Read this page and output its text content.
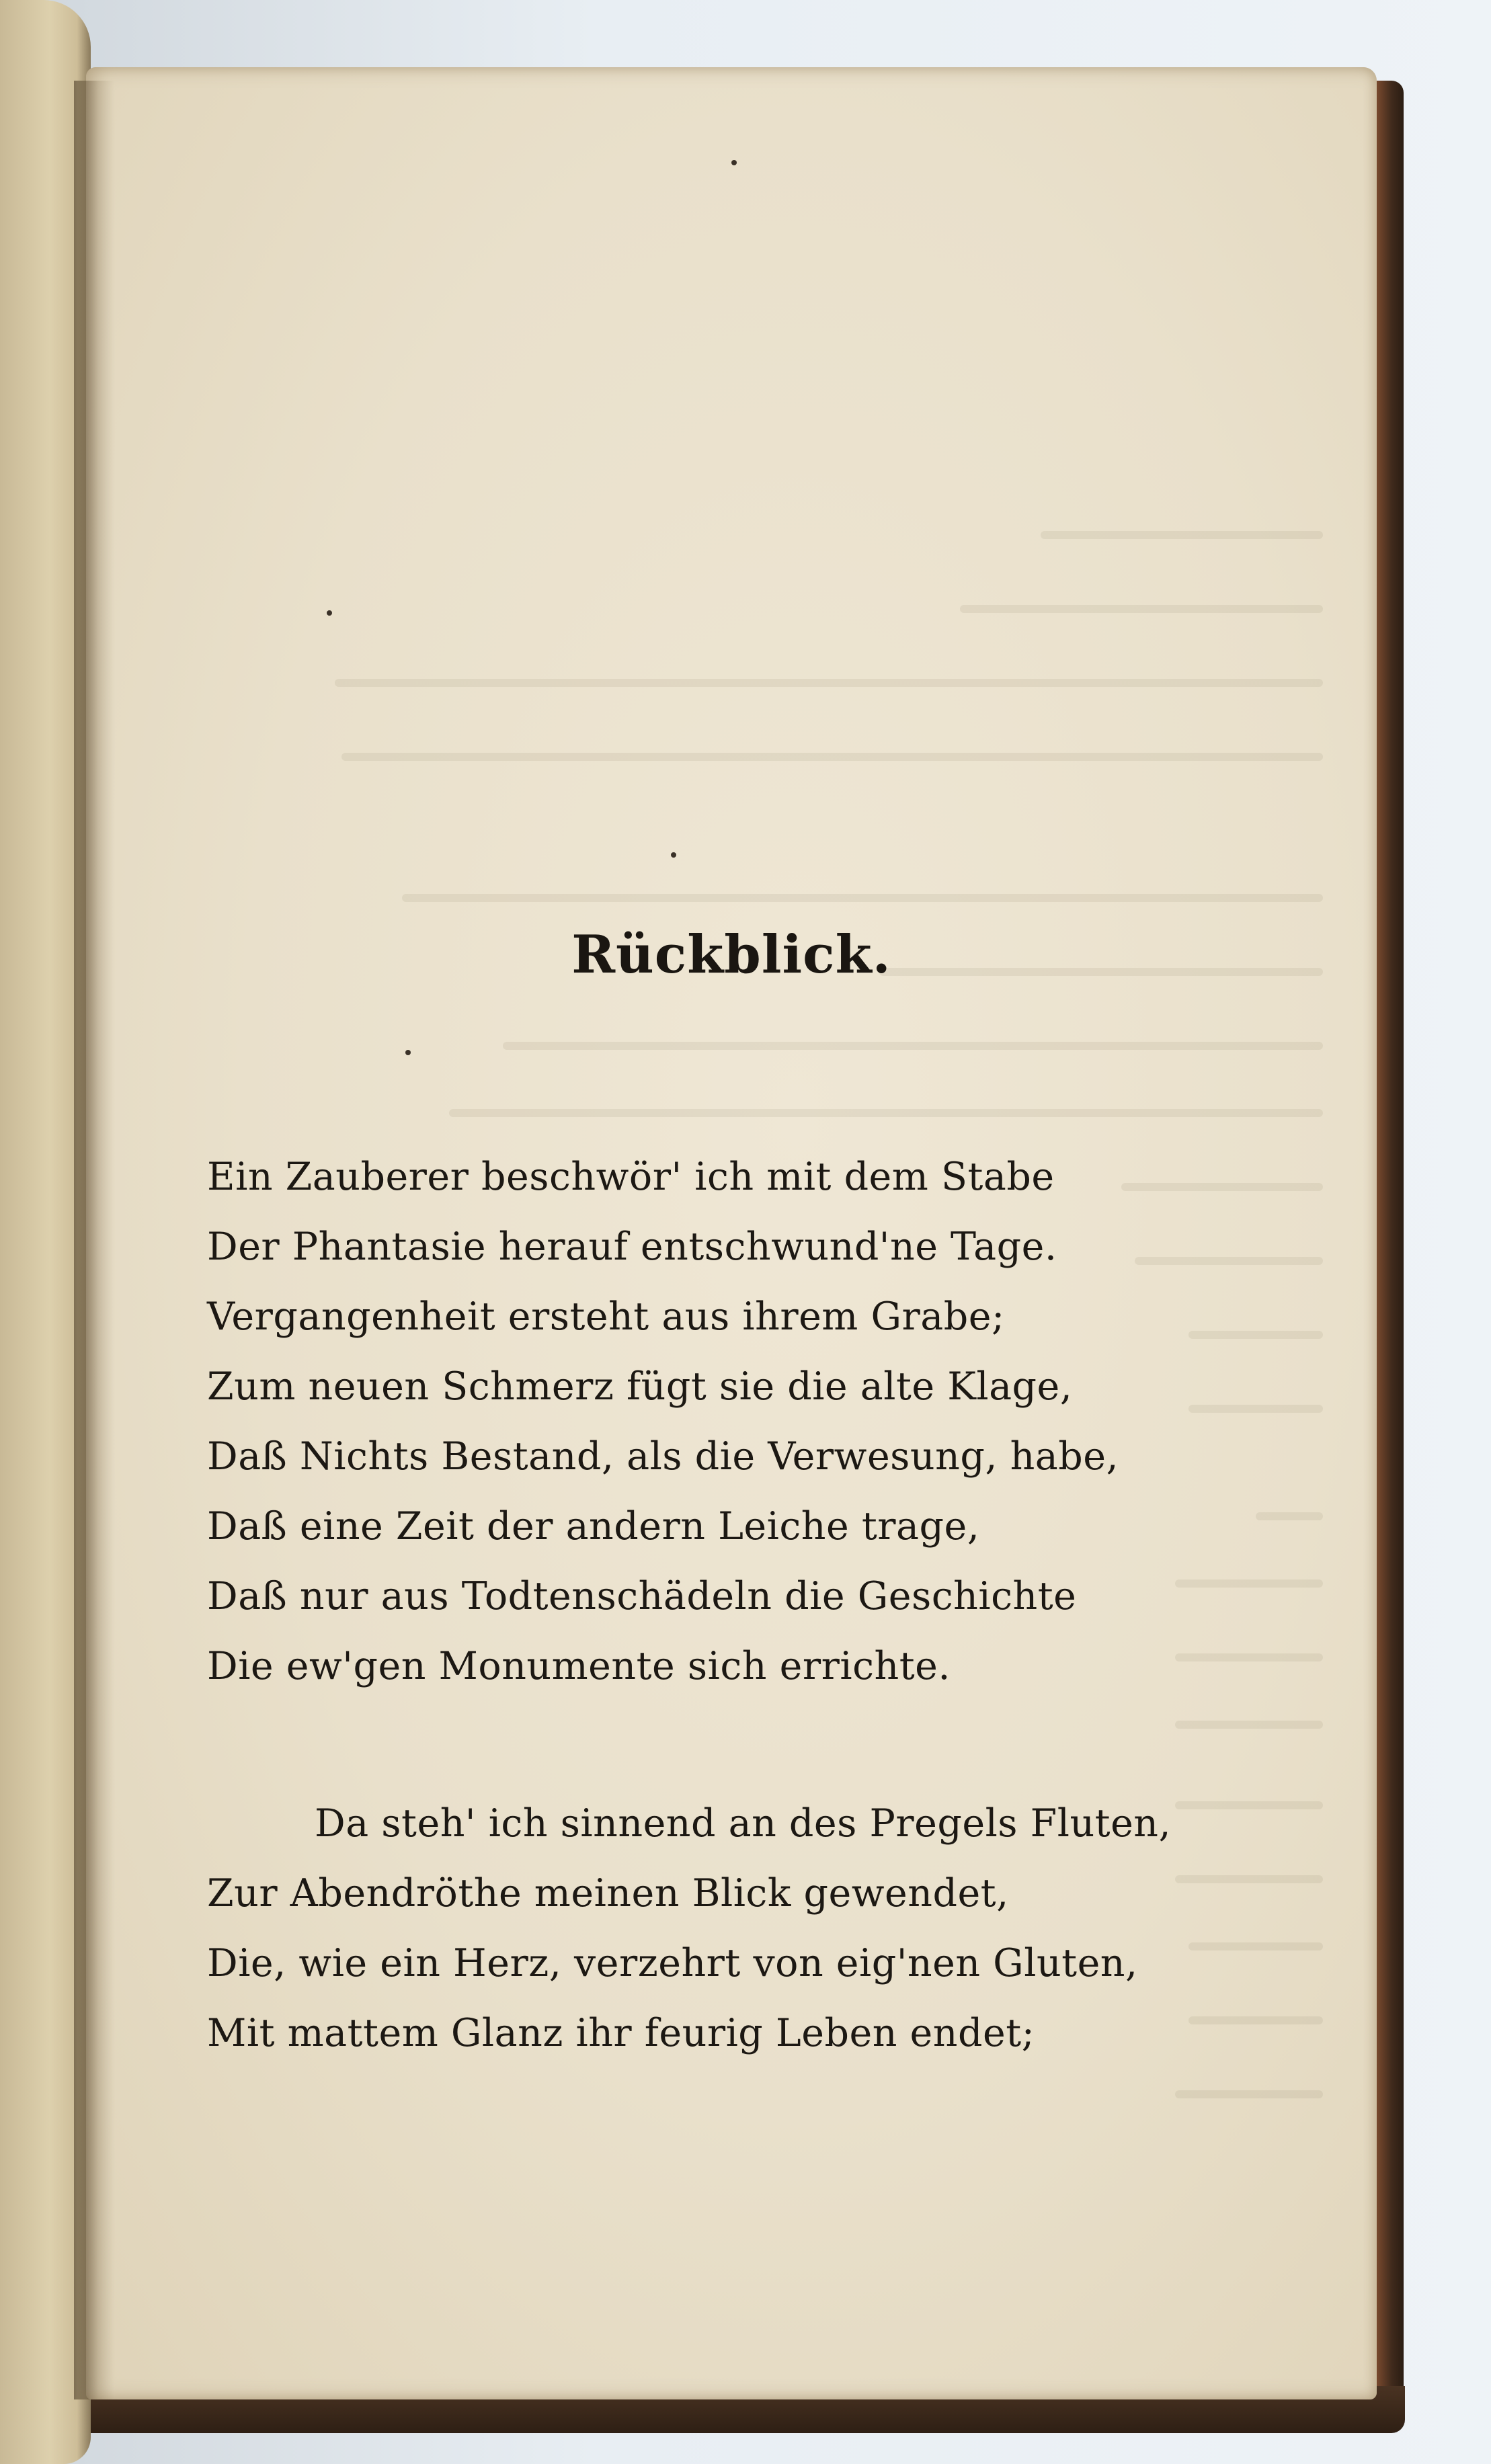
Rückblick.
Ein Zauberer beschwör' ich mit dem Stabe
Der Phantasie herauf entschwund'ne Tage.
Vergangenheit ersteht aus ihrem Grabe;
Zum neuen Schmerz fügt sie die alte Klage,
Daß Nichts Bestand, als die Verwesung, habe,
Daß eine Zeit der andern Leiche trage,
Daß nur aus Todtenschädeln die Geschichte
Die ew'gen Monumente sich errichte.
Da steh' ich sinnend an des Pregels Fluten,
Zur Abendröthe meinen Blick gewendet,
Die, wie ein Herz, verzehrt von eig'nen Gluten,
Mit mattem Glanz ihr feurig Leben endet;
